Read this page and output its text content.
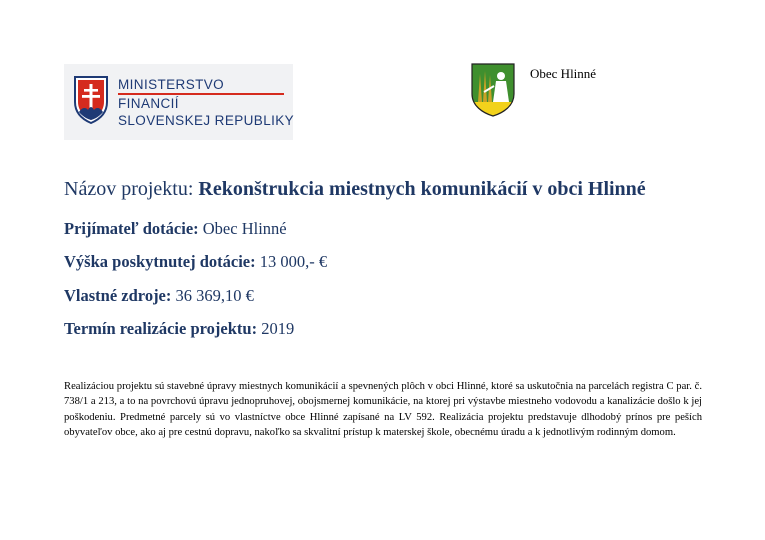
MINISTERSTVO
FINANCIÍ
SLOVENSKEJ REPUBLIKY
Obec Hlinné
Názov projektu: Rekonštrukcia miestnych komunikácií v obci Hlinné
Prijímateľ dotácie: Obec Hlinné
Výška poskytnutej dotácie: 13 000,- €
Vlastné zdroje: 36 369,10 €
Termín realizácie projektu: 2019
Realizáciou projektu sú stavebné úpravy miestnych komunikácií a spevnených plôch v obci Hlinné, ktoré sa uskutočnia na parcelách registra C par. č. 738/1 a 213, a to na povrchovú úpravu jednopruhovej, obojsmernej komunikácie, na ktorej pri výstavbe miestneho vodovodu a kanalizácie došlo k jej poškodeniu. Predmetné parcely sú vo vlastníctve obce Hlinné zapísané na LV 592. Realizácia projektu predstavuje dlhodobý prínos pre peších obyvateľov obce, ako aj pre cestnú dopravu, nakoľko sa skvalitní prístup k materskej škole, obecnému úradu a k jednotlivým rodinným domom.
